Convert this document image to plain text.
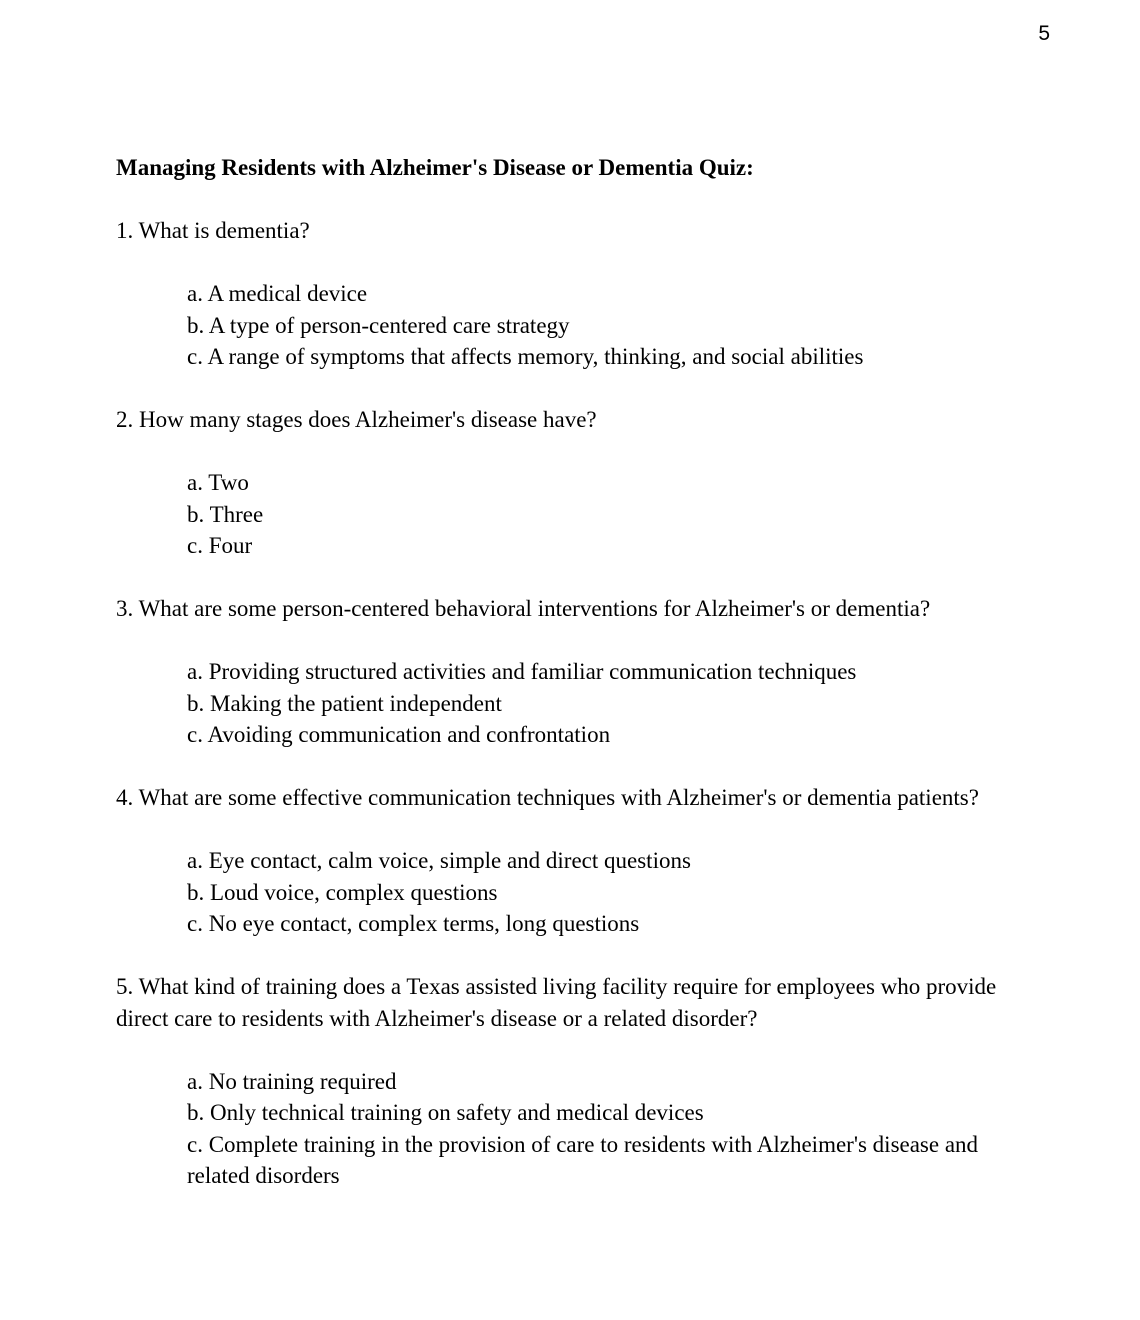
5
Managing Residents with Alzheimer's Disease or Dementia Quiz:
1. What is dementia?
a. A medical device
b. A type of person-centered care strategy
c. A range of symptoms that affects memory, thinking, and social abilities
2. How many stages does Alzheimer's disease have?
a. Two
b. Three
c. Four
3. What are some person-centered behavioral interventions for Alzheimer's or dementia?
a. Providing structured activities and familiar communication techniques
b. Making the patient independent
c. Avoiding communication and confrontation
4. What are some effective communication techniques with Alzheimer's or dementia patients?
a. Eye contact, calm voice, simple and direct questions
b. Loud voice, complex questions
c. No eye contact, complex terms, long questions
5. What kind of training does a Texas assisted living facility require for employees who provide direct care to residents with Alzheimer's disease or a related disorder?
a. No training required
b. Only technical training on safety and medical devices
c. Complete training in the provision of care to residents with Alzheimer's disease and related disorders
